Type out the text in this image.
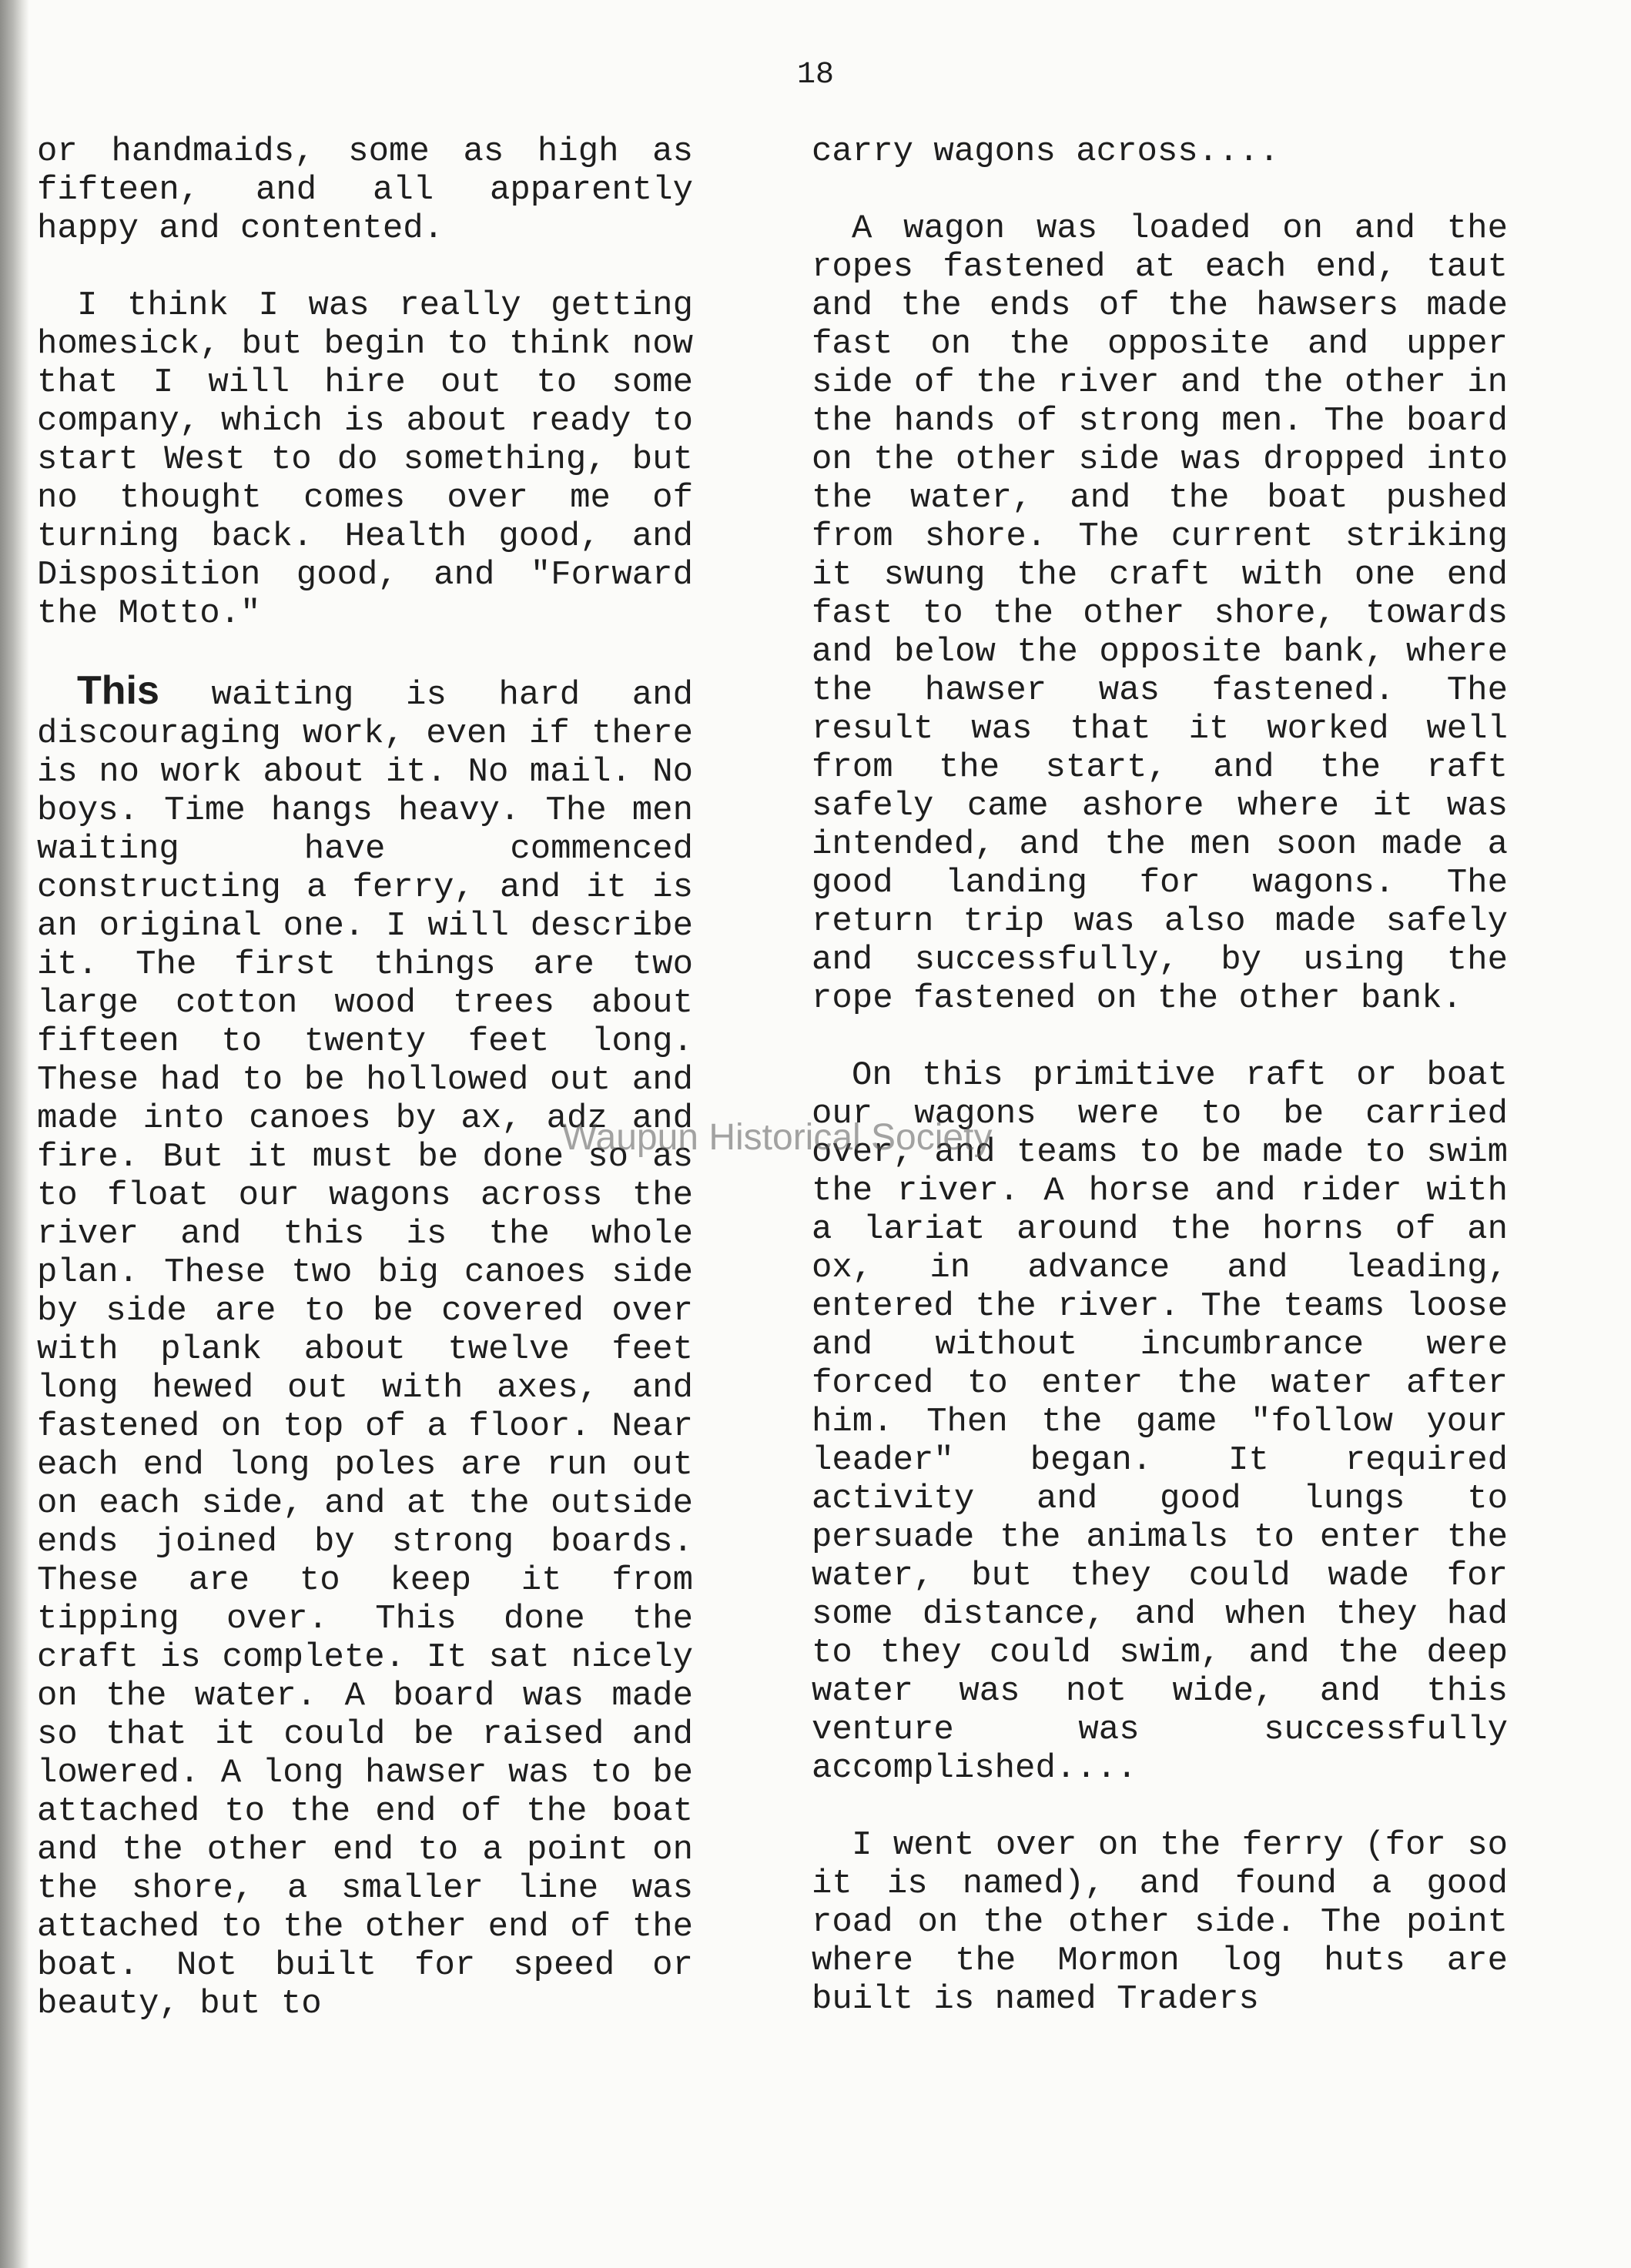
18

or handmaids, some as high as fifteen, and all apparently happy and contented.

I think I was really getting homesick, but begin to think now that I will hire out to some company, which is about ready to start West to do something, but no thought comes over me of turning back. Health good, and Disposition good, and "Forward the Motto."

This waiting is hard and discouraging work, even if there is no work about it. No mail. No boys. Time hangs heavy. The men waiting have commenced constructing a ferry, and it is an original one. I will describe it. The first things are two large cotton wood trees about fifteen to twenty feet long. These had to be hollowed out and made into canoes by ax, adz and fire. But it must be done so as to float our wagons across the river and this is the whole plan. These two big canoes side by side are to be covered over with plank about twelve feet long hewed out with axes, and fastened on top of a floor. Near each end long poles are run out on each side, and at the outside ends joined by strong boards. These are to keep it from tipping over. This done the craft is complete. It sat nicely on the water. A board was made so that it could be raised and lowered. A long hawser was to be attached to the end of the boat and the other end to a point on the shore, a smaller line was attached to the other end of the boat. Not built for speed or beauty, but to

carry wagons across....

A wagon was loaded on and the ropes fastened at each end, taut and the ends of the hawsers made fast on the opposite and upper side of the river and the other in the hands of strong men. The board on the other side was dropped into the water, and the boat pushed from shore. The current striking it swung the craft with one end fast to the other shore, towards and below the opposite bank, where the hawser was fastened. The result was that it worked well from the start, and the raft safely came ashore where it was intended, and the men soon made a good landing for wagons. The return trip was also made safely and successfully, by using the rope fastened on the other bank.

On this primitive raft or boat our wagons were to be carried over, and teams to be made to swim the river. A horse and rider with a lariat around the horns of an ox, in advance and leading, entered the river. The teams loose and without incumbrance were forced to enter the water after him. Then the game "follow your leader" began. It required activity and good lungs to persuade the animals to enter the water, but they could wade for some distance, and when they had to they could swim, and the deep water was not wide, and this venture was successfully accomplished....

I went over on the ferry (for so it is named), and found a good road on the other side. The point where the Mormon log huts are built is named Traders

Waupun Historical Society
